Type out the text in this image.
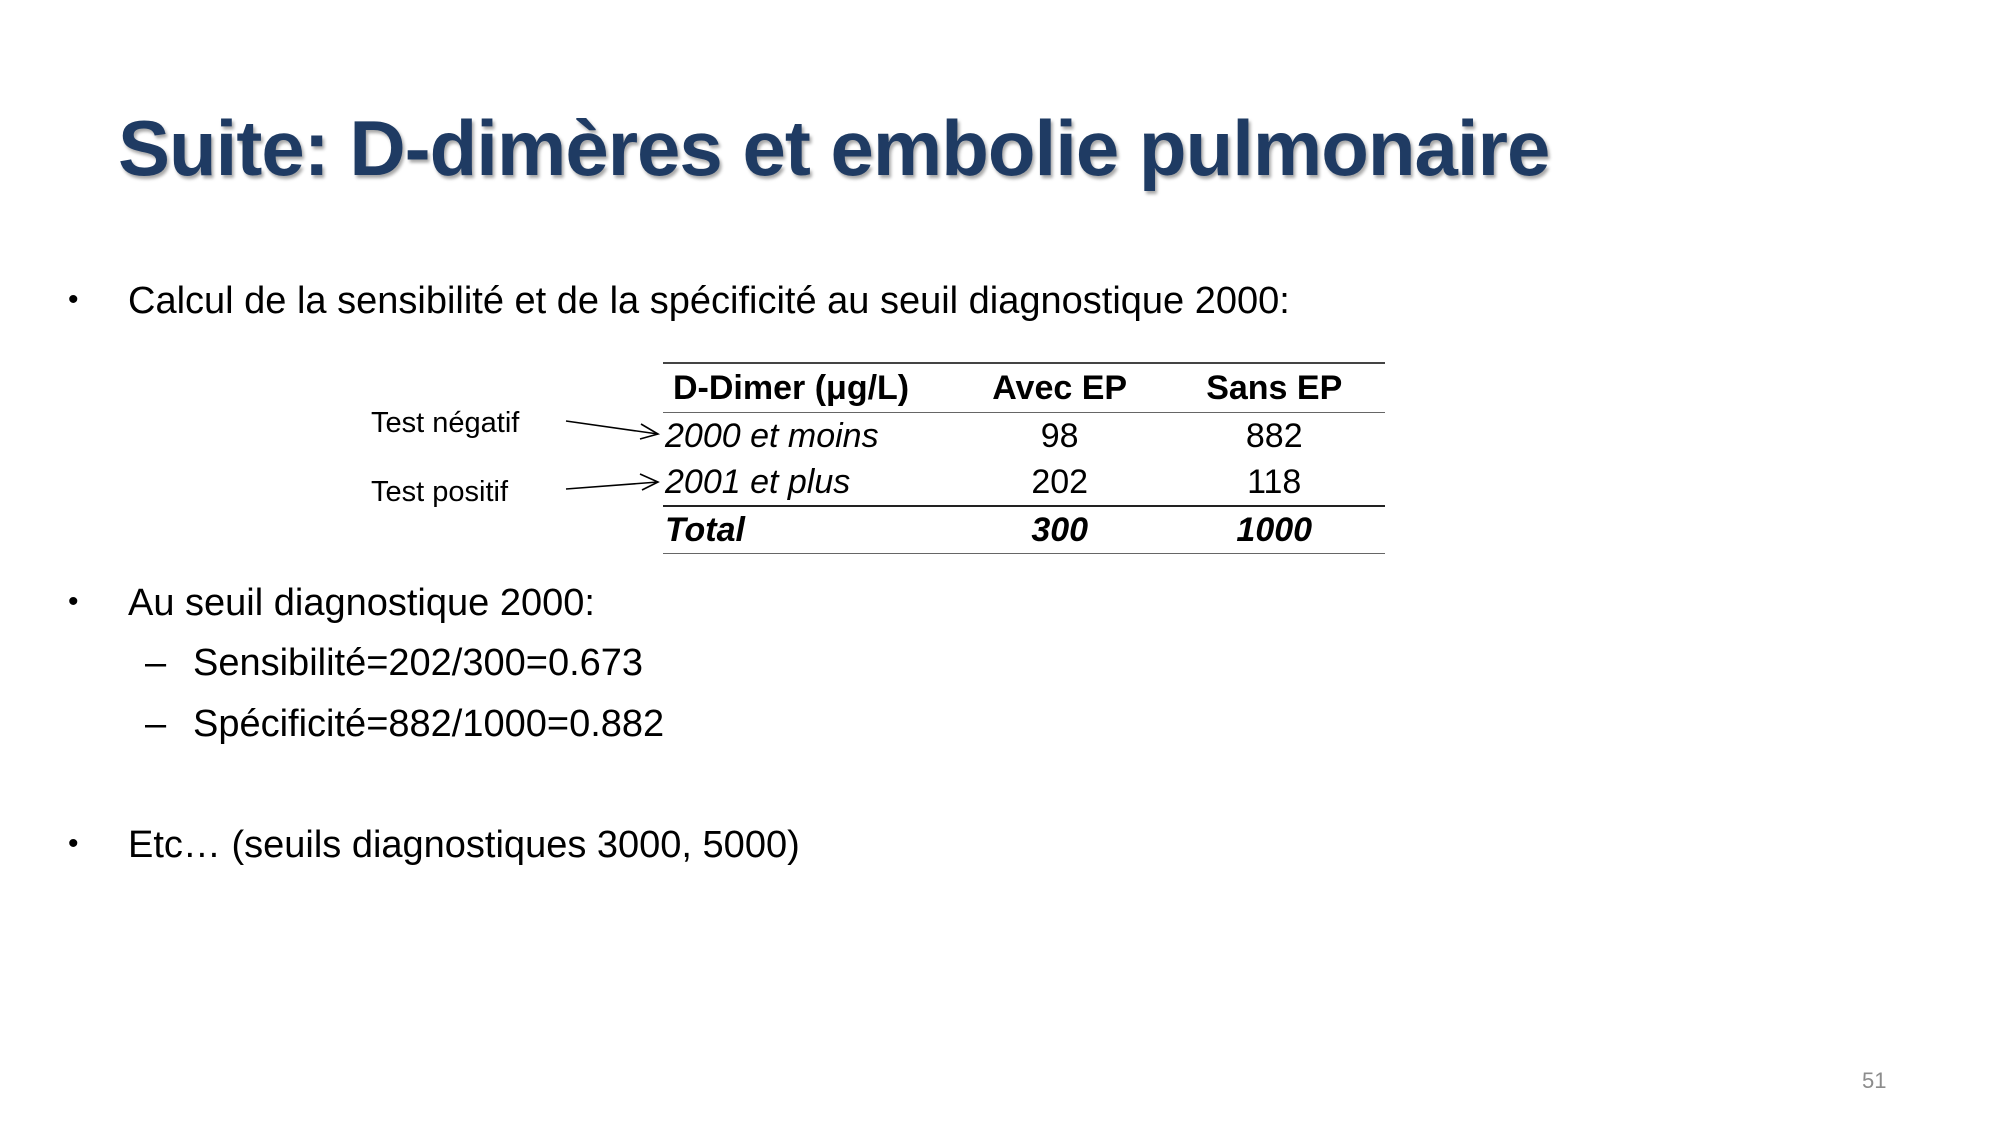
Suite: D-dimères et embolie pulmonaire
• Calcul de la sensibilité et de la spécificité au seuil diagnostique 2000:
Test négatif
Test positif
D-Dimer (μg/L)	Avec EP	Sans EP
2000 et moins	98	882
2001 et plus	202	118
Total	300	1000
• Au seuil diagnostique 2000:
– Sensibilité=202/300=0.673
– Spécificité=882/1000=0.882
• Etc… (seuils diagnostiques 3000, 5000)
51
